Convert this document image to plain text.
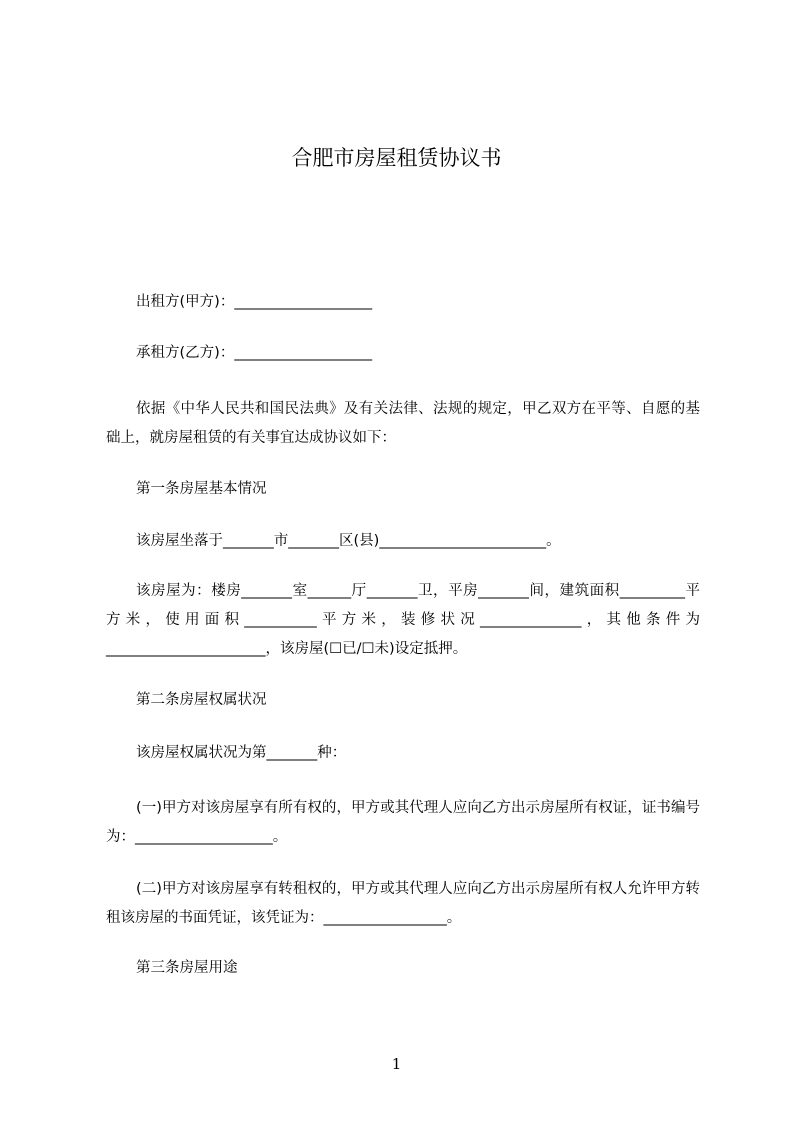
合肥市房屋租赁协议书
出租方(甲方)：___________________
承租方(乙方)：___________________
依据《中华人民共和国民法典》及有关法律、法规的规定，甲乙双方在平等、自愿的基础上，就房屋租赁的有关事宜达成协议如下：
第一条房屋基本情况
该房屋坐落于_______市_______区(县)_______________________。
该房屋为：楼房_______室______厅_______卫，平房_______间，建筑面积_________平方米，使用面积__________平方米，装修状况______________，其他条件为______________________，该房屋(☐已/☐未)设定抵押。
第二条房屋权属状况
该房屋权属状况为第_______种：
(一)甲方对该房屋享有所有权的，甲方或其代理人应向乙方出示房屋所有权证，证书编号为：___________________。
(二)甲方对该房屋享有转租权的，甲方或其代理人应向乙方出示房屋所有权人允许甲方转租该房屋的书面凭证，该凭证为：_________________。
第三条房屋用途
1
